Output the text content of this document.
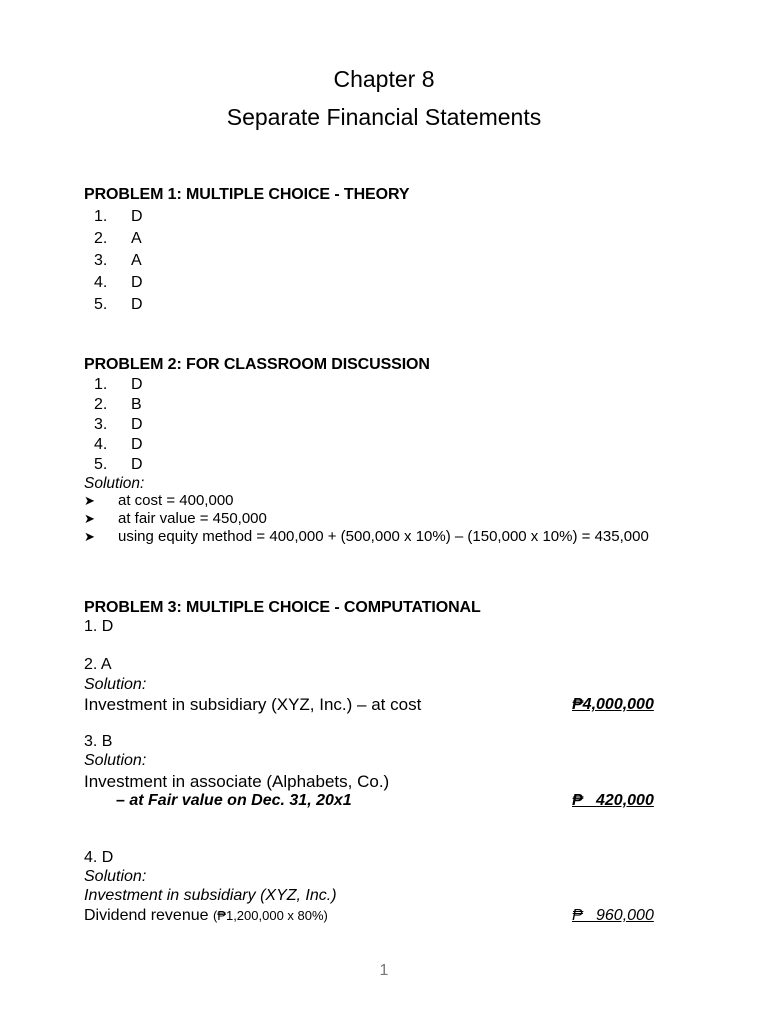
Chapter 8
Separate Financial Statements
PROBLEM 1: MULTIPLE CHOICE - THEORY
1.	D
2.	A
3.	A
4.	D
5.	D
PROBLEM 2: FOR CLASSROOM DISCUSSION
1.	D
2.	B
3.	D
4.	D
5.	D
Solution:
➤	at cost = 400,000
➤	at fair value = 450,000
➤	using equity method = 400,000 + (500,000 x 10%) – (150,000 x 10%) = 435,000
PROBLEM 3: MULTIPLE CHOICE - COMPUTATIONAL
1. D
2. A
Solution:
Investment in subsidiary (XYZ, Inc.) – at cost	₱4,000,000
3. B
Solution:
Investment in associate (Alphabets, Co.)
– at Fair value on Dec. 31, 20x1	₱   420,000
4. D
Solution:
Investment in subsidiary (XYZ, Inc.)
Dividend revenue (₱1,200,000 x 80%)	₱   960,000
1
